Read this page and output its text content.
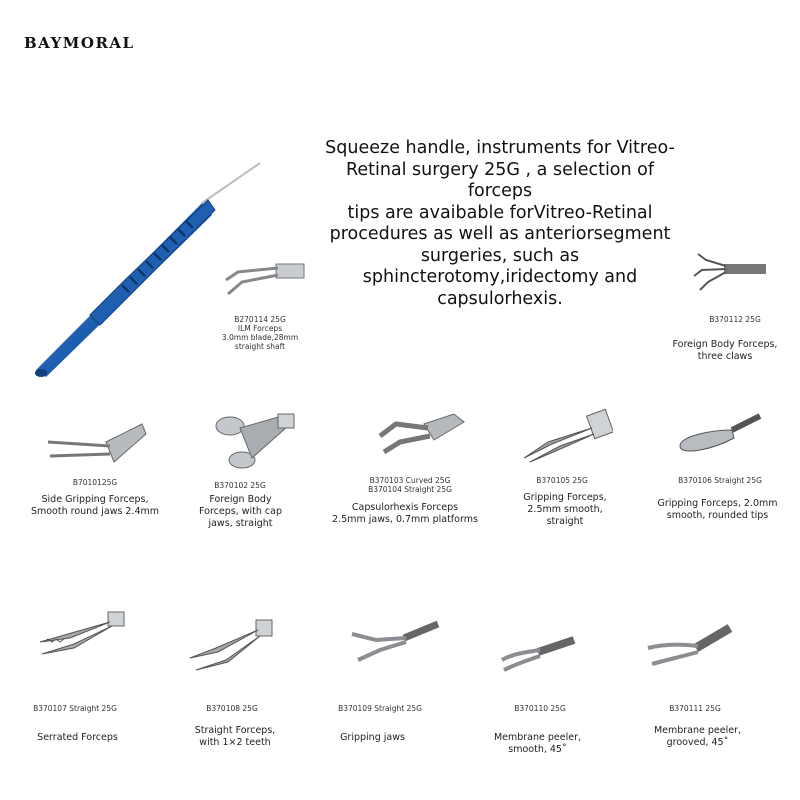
BAYMORAL
Squeeze handle, instruments for Vitreo-
Retinal surgery 25G , a selection of forceps
tips are avaibable forVitreo-Retinal
procedures as well as anteriorsegment
surgeries, such as
sphincterotomy,iridectomy and
capsulorhexis.
B270114 25G
ILM Forceps
3.0mm blade,28mm
straight shaft
B370112 25G
Foreign Body Forceps,
three claws
B7010125G
Side Gripping Forceps,
Smooth round jaws 2.4mm
B370102 25G
Foreign Body
Forceps, with cap
jaws, straight
B370103 Curved 25G
B370104 Straight 25G
Capsulorhexis Forceps
2.5mm jaws, 0.7mm platforms
B370105 25G
Gripping Forceps,
2.5mm smooth,
straight
B370106 Straight 25G
Gripping Forceps, 2.0mm
smooth, rounded tips
B370107 Straight 25G
Serrated Forceps
B370108 25G
Straight Forceps,
with 1×2 teeth
B370109 Straight 25G
Gripping jaws
B370110 25G
Membrane peeler,
smooth, 45˚
B370111 25G
Membrane peeler,
grooved, 45˚
